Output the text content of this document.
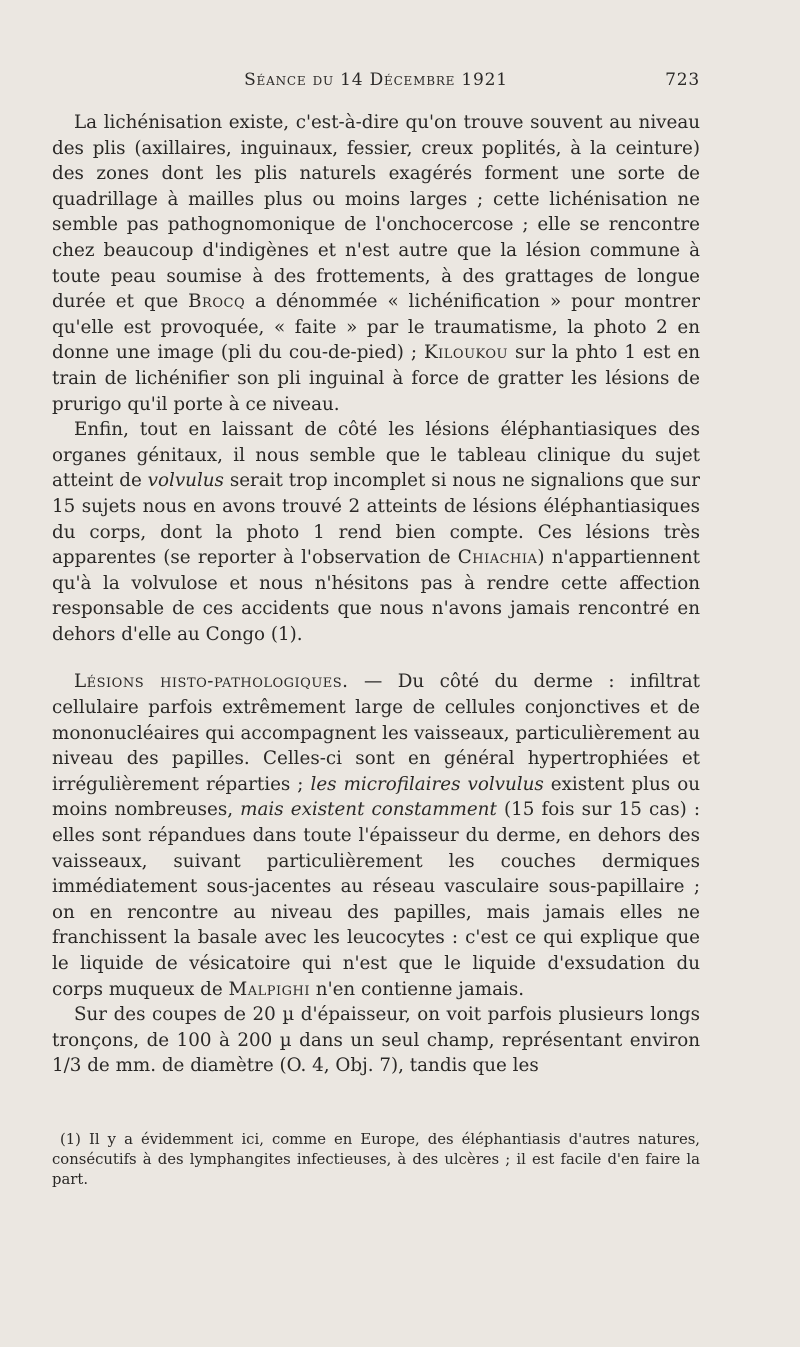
Séance du 14 Décembre 1921	723

La lichénisation existe, c'est-à-dire qu'on trouve souvent au niveau des plis (axillaires, inguinaux, fessier, creux poplités, à la ceinture) des zones dont les plis naturels exagérés forment une sorte de quadrillage à mailles plus ou moins larges ; cette lichénisation ne semble pas pathognomonique de l'onchocercose ; elle se rencontre chez beaucoup d'indigènes et n'est autre que la lésion commune à toute peau soumise à des frottements, à des grattages de longue durée et que Brocq a dénommée « lichénification » pour montrer qu'elle est provoquée, « faite » par le traumatisme, la photo 2 en donne une image (pli du cou-de-pied) ; Kiloukou sur la phto 1 est en train de lichénifier son pli inguinal à force de gratter les lésions de prurigo qu'il porte à ce niveau.

Enfin, tout en laissant de côté les lésions éléphantiasiques des organes génitaux, il nous semble que le tableau clinique du sujet atteint de volvulus serait trop incomplet si nous ne signalions que sur 15 sujets nous en avons trouvé 2 atteints de lésions éléphantiasiques du corps, dont la photo 1 rend bien compte. Ces lésions très apparentes (se reporter à l'observation de Chiachia) n'appartiennent qu'à la volvulose et nous n'hésitons pas à rendre cette affection responsable de ces accidents que nous n'avons jamais rencontré en dehors d'elle au Congo (1).

Lésions histo-pathologiques. — Du côté du derme : infiltrat cellulaire parfois extrêmement large de cellules conjonctives et de mononucléaires qui accompagnent les vaisseaux, particulièrement au niveau des papilles. Celles-ci sont en général hypertrophiées et irrégulièrement réparties ; les microfilaires volvulus existent plus ou moins nombreuses, mais existent constamment (15 fois sur 15 cas) : elles sont répandues dans toute l'épaisseur du derme, en dehors des vaisseaux, suivant particulièrement les couches dermiques immédiatement sous-jacentes au réseau vasculaire sous-papillaire ; on en rencontre au niveau des papilles, mais jamais elles ne franchissent la basale avec les leucocytes : c'est ce qui explique que le liquide de vésicatoire qui n'est que le liquide d'exsudation du corps muqueux de Malpighi n'en contienne jamais.

Sur des coupes de 20 µ d'épaisseur, on voit parfois plusieurs longs tronçons, de 100 à 200 µ dans un seul champ, représentant environ 1/3 de mm. de diamètre (O. 4, Obj. 7), tandis que les

(1) Il y a évidemment ici, comme en Europe, des éléphantiasis d'autres natures, consécutifs à des lymphangites infectieuses, à des ulcères ; il est facile d'en faire la part.
